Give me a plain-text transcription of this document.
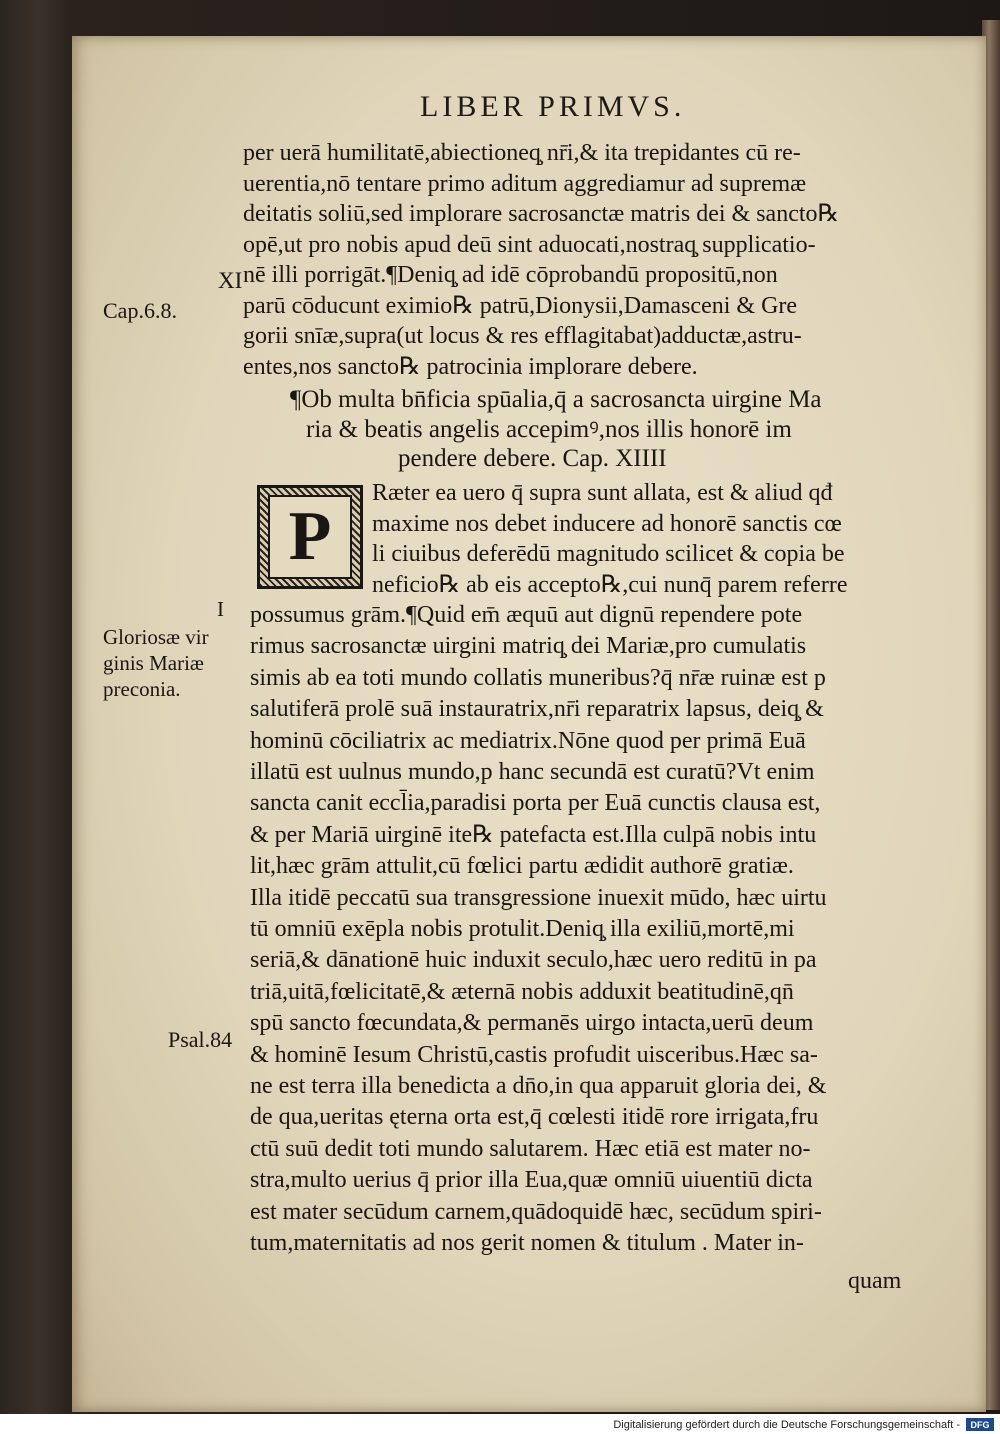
LIBER PRIMVS.
per uerā humilitatē,abiectioneq̧ nr̄i,& ita trepidantes cū re-
uerentia,nō tentare primo aditum aggrediamur ad supremæ
deitatis soliū,sed implorare sacrosanctæ matris dei & sancto℞
opē,ut pro nobis apud deū sint aduocati,nostraq̧ supplicatio-
nē illi porrigāt.¶Deniq̧ ad idē cōprobandū propositū,non
parū cōducunt eximio℞ patrū,Dionysii,Damasceni & Gre
gorii snīæ,supra(ut locus & res efflagitabat)adductæ,astru-
entes,nos sancto℞ patrocinia implorare debere.
¶Ob multa bn̄ficia spūalia,q̄ a sacrosancta uirgine Ma
ria & beatis angelis accepimꝰ,nos illis honorē im
pendere debere. Cap. XIIII
P
Ræter ea uero q̄ supra sunt allata, est & aliud qđ
maxime nos debet inducere ad honorē sanctis cœ
li ciuibus deferēdū magnitudo scilicet & copia be
neficio℞ ab eis accepto℞,cui nunq̄ parem referre
possumus grām.¶Quid em̄ æquū aut dignū rependere pote
rimus sacrosanctæ uirgini matriq̧ dei Mariæ,pro cumulatis
simis ab ea toti mundo collatis muneribus?q̄ nr̄æ ruinæ est p
salutiferā prolē suā instauratrix,nr̄i reparatrix lapsus, deiq̧ &
hominū cōciliatrix ac mediatrix.Nōne quod per primā Euā
illatū est uulnus mundo,p hanc secundā est curatū?Vt enim
sancta canit eccl̄ia,paradisi porta per Euā cunctis clausa est,
& per Mariā uirginē ite℞ patefacta est.Illa culpā nobis intu
lit,hæc grām attulit,cū fœlici partu ædidit authorē gratiæ.
Illa itidē peccatū sua transgressione inuexit mūdo, hæc uirtu
tū omniū exēpla nobis protulit.Deniq̧ illa exiliū,mortē,mi
seriā,& dānationē huic induxit seculo,hæc uero reditū in pa
triā,uitā,fœlicitatē,& æternā nobis adduxit beatitudinē,qn̄
spū sancto fœcundata,& permanēs uirgo intacta,uerū deum
& hominē Iesum Christū,castis profudit uisceribus.Hæc sa-
ne est terra illa benedicta a dn̄o,in qua apparuit gloria dei, &
de qua,ueritas ęterna orta est,q̄ cœlesti itidē rore irrigata,fru
ctū suū dedit toti mundo salutarem. Hæc etiā est mater no-
stra,multo uerius q̄ prior illa Eua,quæ omniū uiuentiū dicta
est mater secūdum carnem,quādoquidē hæc, secūdum spiri-
tum,maternitatis ad nos gerit nomen & titulum . Mater in-
quam
XI
Cap.6.8.
I
Gloriosæ vir
ginis Mariæ
preconia.
Psal.84
Digitalisierung gefördert durch die Deutsche Forschungsgemeinschaft -	DFG
